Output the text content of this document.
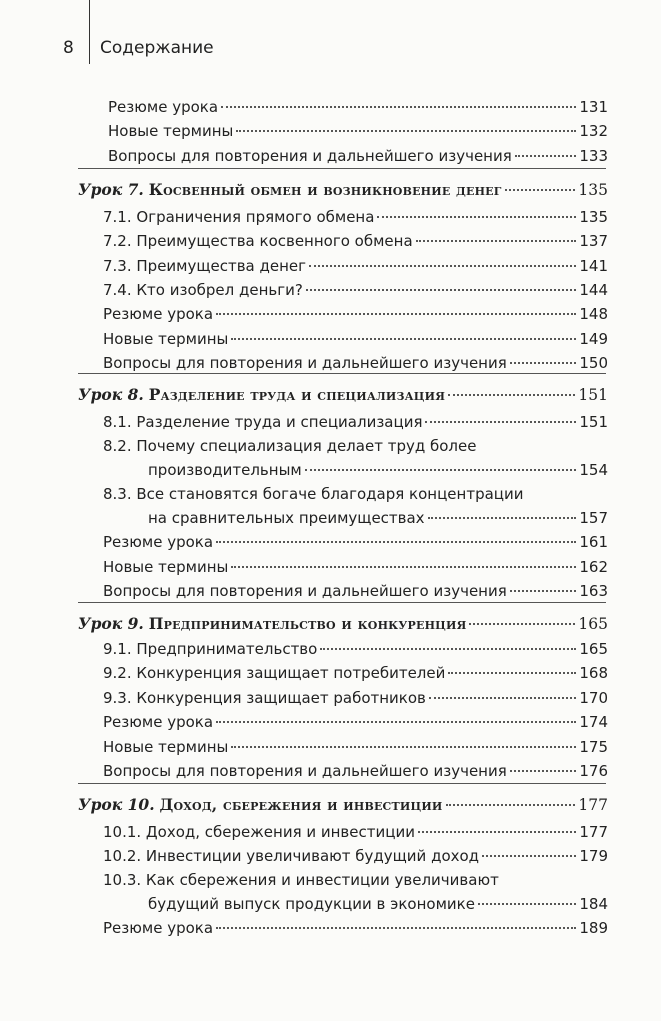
8 Содержание
Резюме урока	131
Новые термины	132
Вопросы для повторения и дальнейшего изучения	133
Урок 7. Косвенный обмен и возникновение денег	135
7.1. Ограничения прямого обмена	135
7.2. Преимущества косвенного обмена	137
7.3. Преимущества денег	141
7.4. Кто изобрел деньги?	144
Резюме урока	148
Новые термины	149
Вопросы для повторения и дальнейшего изучения	150
Урок 8. Разделение труда и специализация	151
8.1. Разделение труда и специализация	151
8.2. Почему специализация делает труд более
производительным	154
8.3. Все становятся богаче благодаря концентрации
на сравнительных преимуществах	157
Резюме урока	161
Новые термины	162
Вопросы для повторения и дальнейшего изучения	163
Урок 9. Предпринимательство и конкуренция	165
9.1. Предпринимательство	165
9.2. Конкуренция защищает потребителей	168
9.3. Конкуренция защищает работников	170
Резюме урока	174
Новые термины	175
Вопросы для повторения и дальнейшего изучения	176
Урок 10. Доход, сбережения и инвестиции	177
10.1. Доход, сбережения и инвестиции	177
10.2. Инвестиции увеличивают будущий доход	179
10.3. Как сбережения и инвестиции увеличивают
будущий выпуск продукции в экономике	184
Резюме урока	189
